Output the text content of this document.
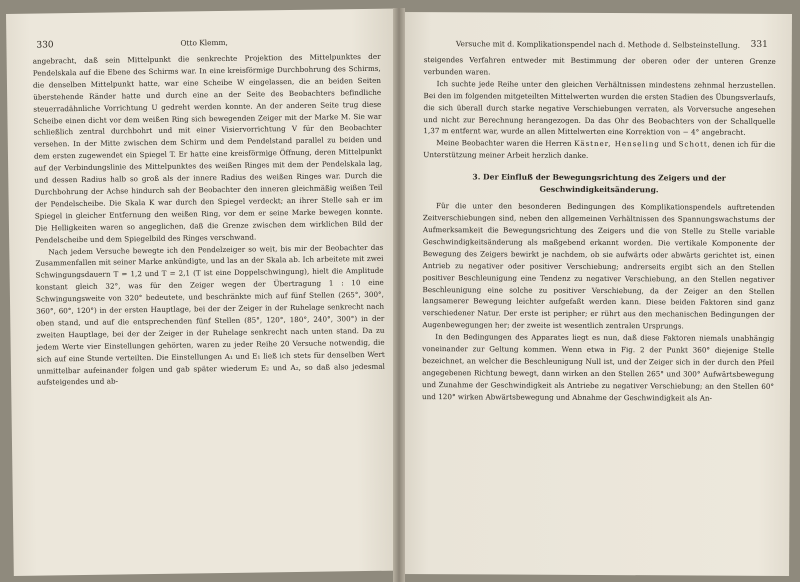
330	Otto Klemm,

angebracht, daß sein Mittelpunkt die senkrechte Projektion des Mittelpunktes der Pendelskala auf die Ebene des Schirms war. In eine kreisförmige Durchbohrung des Schirms, die denselben Mittelpunkt hatte, war eine Scheibe W eingelassen, die an beiden Seiten überstehende Ränder hatte und durch eine an der Seite des Beobachters befindliche steuerradähnliche Vorrichtung U gedreht werden konnte. An der anderen Seite trug diese Scheibe einen dicht vor dem weißen Ring sich bewegenden Zeiger mit der Marke M. Sie war schließlich zentral durchbohrt und mit einer Visiervorrichtung V für den Beobachter versehen. In der Mitte zwischen dem Schirm und dem Pendelstand parallel zu beiden und dem ersten zugewendet ein Spiegel T. Er hatte eine kreisförmige Öffnung, deren Mittelpunkt auf der Verbindungslinie des Mittelpunktes des weißen Ringes mit dem der Pendelskala lag, und dessen Radius halb so groß als der innere Radius des weißen Ringes war. Durch die Durchbohrung der Achse hindurch sah der Beobachter den inneren gleichmäßig weißen Teil der Pendelscheibe. Die Skala K war durch den Spiegel verdeckt; an ihrer Stelle sah er im Spiegel in gleicher Entfernung den weißen Ring, vor dem er seine Marke bewegen konnte. Die Helligkeiten waren so angeglichen, daß die Grenze zwischen dem wirklichen Bild der Pendelscheibe und dem Spiegelbild des Ringes verschwand.

Nach jedem Versuche bewegte ich den Pendelzeiger so weit, bis mir der Beobachter das Zusammenfallen mit seiner Marke ankündigte, und las an der Skala ab. Ich arbeitete mit zwei Schwingungsdauern T = 1,2 und T = 2,1 (T ist eine Doppelschwingung), hielt die Amplitude konstant gleich 32°, was für den Zeiger wegen der Übertragung 1 : 10 eine Schwingungsweite von 320° bedeutete, und beschränkte mich auf fünf Stellen (265°, 300°, 360°, 60°, 120°) in der ersten Hauptlage, bei der der Zeiger in der Ruhelage senkrecht nach oben stand, und auf die entsprechenden fünf Stellen (85°, 120°, 180°, 240°, 300°) in der zweiten Hauptlage, bei der der Zeiger in der Ruhelage senkrecht nach unten stand. Da zu jedem Werte vier Einstellungen gehörten, waren zu jeder Reihe 20 Versuche notwendig, die sich auf eine Stunde verteilten. Die Einstellungen A₁ und E₁ ließ ich stets für denselben Wert unmittelbar aufeinander folgen und gab später wiederum E₂ und A₂, so daß also jedesmal aufsteigendes und ab-

Versuche mit d. Komplikationspendel nach d. Methode d. Selbsteinstellung. 331

steigendes Verfahren entweder mit Bestimmung der oberen oder der unteren Grenze verbunden waren.

Ich suchte jede Reihe unter den gleichen Verhältnissen mindestens zehnmal herzustellen. Bei den im folgenden mitgeteilten Mittelwerten wurden die ersten Stadien des Übungsverlaufs, die sich überall durch starke negative Verschiebungen verraten, als Vorversuche angesehen und nicht zur Berechnung herangezogen. Da das Ohr des Beobachters von der Schallquelle 1,37 m entfernt war, wurde an allen Mittelwerten eine Korrektion von − 4° angebracht.

Meine Beobachter waren die Herren Kästner, Henseling und Schott, denen ich für die Unterstützung meiner Arbeit herzlich danke.

3. Der Einfluß der Bewegungsrichtung des Zeigers und der
Geschwindigkeitsänderung.

Für die unter den besonderen Bedingungen des Komplikationspendels auftretenden Zeitverschiebungen sind, neben den allgemeinen Verhältnissen des Spannungswachstums der Aufmerksamkeit die Bewegungsrichtung des Zeigers und die von Stelle zu Stelle variable Geschwindigkeitsänderung als maßgebend erkannt worden. Die vertikale Komponente der Bewegung des Zeigers bewirkt je nachdem, ob sie aufwärts oder abwärts gerichtet ist, einen Antrieb zu negativer oder positiver Verschiebung; andrerseits ergibt sich an den Stellen positiver Beschleunigung eine Tendenz zu negativer Verschiebung, an den Stellen negativer Beschleunigung eine solche zu positiver Verschiebung, da der Zeiger an den Stellen langsamerer Bewegung leichter aufgefaßt werden kann. Diese beiden Faktoren sind ganz verschiedener Natur. Der erste ist peripher; er rührt aus den mechanischen Bedingungen der Augenbewegungen her; der zweite ist wesentlich zentralen Ursprungs.

In den Bedingungen des Apparates liegt es nun, daß diese Faktoren niemals unabhängig voneinander zur Geltung kommen. Wenn etwa in Fig. 2 der Punkt 360° diejenige Stelle bezeichnet, an welcher die Beschleunigung Null ist, und der Zeiger sich in der durch den Pfeil angegebenen Richtung bewegt, dann wirken an den Stellen 265° und 300° Aufwärtsbewegung und Zunahme der Geschwindigkeit als Antriebe zu negativer Verschiebung; an den Stellen 60° und 120° wirken Abwärtsbewegung und Abnahme der Geschwindigkeit als An-
